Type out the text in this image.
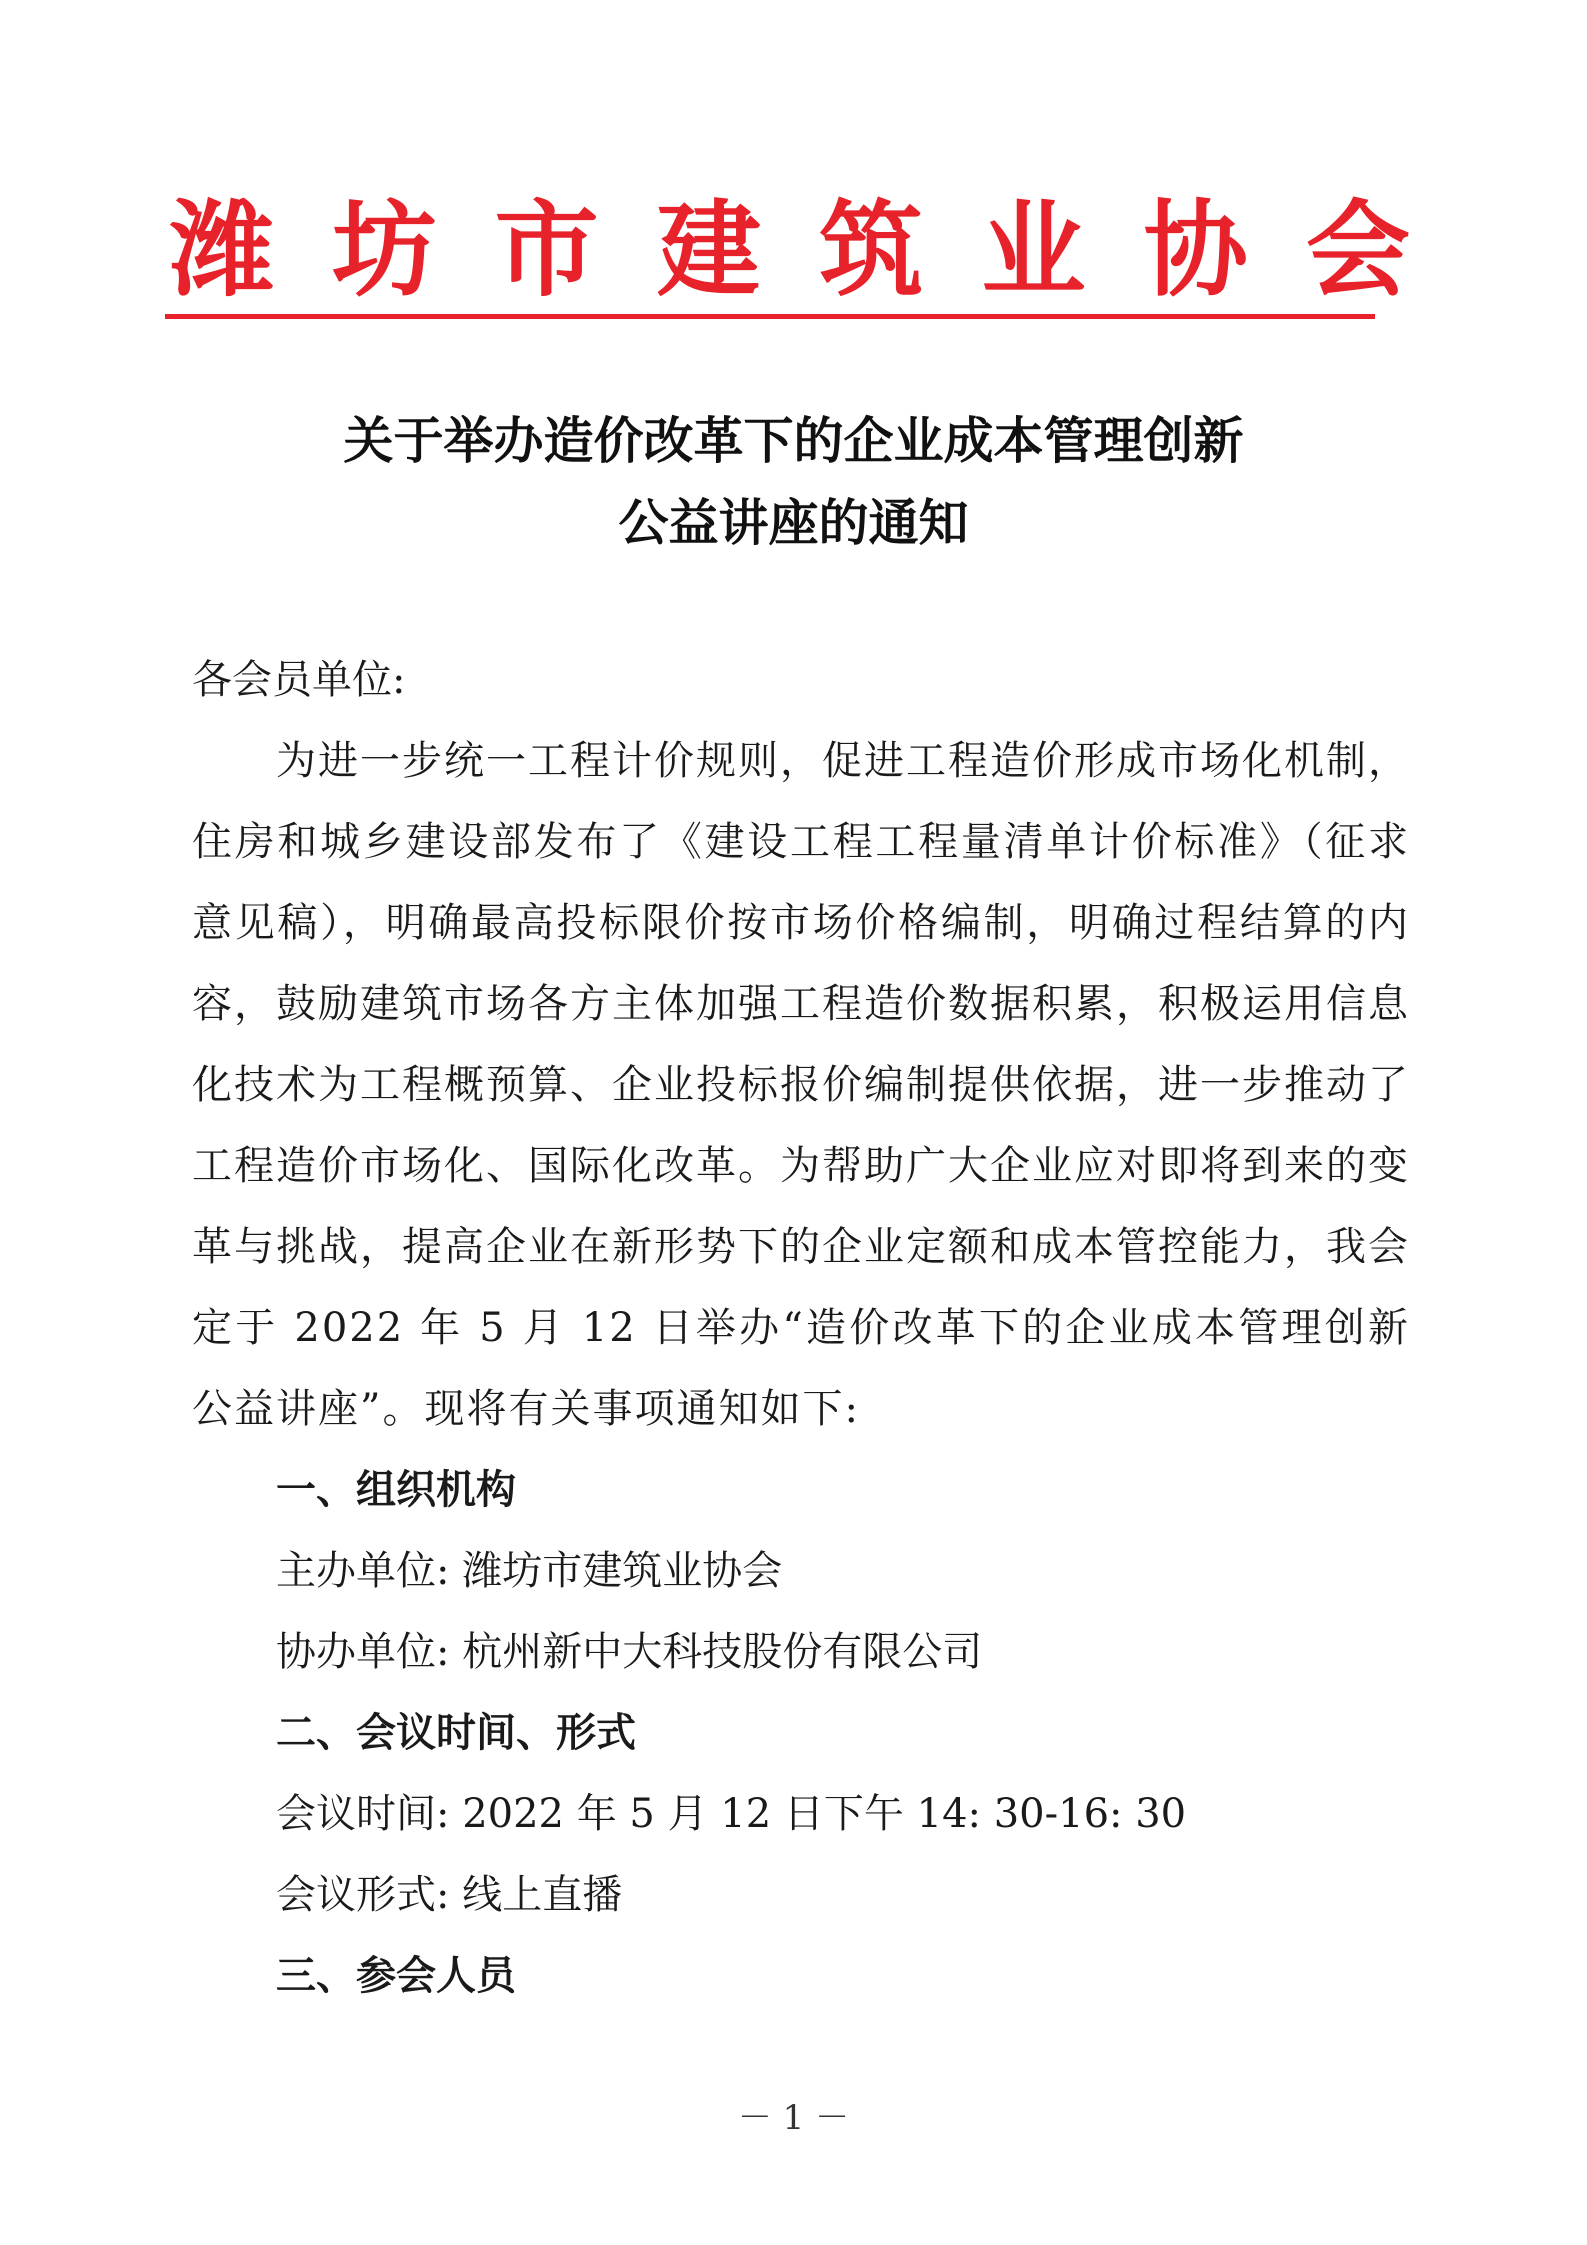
潍 坊 市 建 筑 业 协 会
关于举办造价改革下的企业成本管理创新
公益讲座的通知

各会员单位:

为进一步统一工程计价规则，促进工程造价形成市场化机制，住房和城乡建设部发布了《建设工程工程量清单计价标准》（征求意见稿），明确最高投标限价按市场价格编制，明确过程结算的内容，鼓励建筑市场各方主体加强工程造价数据积累，积极运用信息化技术为工程概预算、企业投标报价编制提供依据，进一步推动了工程造价市场化、国际化改革。为帮助广大企业应对即将到来的变革与挑战，提高企业在新形势下的企业定额和成本管控能力，我会定于 2022 年 5 月 12 日举办“造价改革下的企业成本管理创新公益讲座”。现将有关事项通知如下:

一、组织机构

主办单位: 潍坊市建筑业协会

协办单位: 杭州新中大科技股份有限公司

二、会议时间、形式

会议时间: 2022 年 5 月 12 日下午 14: 30-16: 30

会议形式: 线上直播

三、参会人员

－ 1 －
